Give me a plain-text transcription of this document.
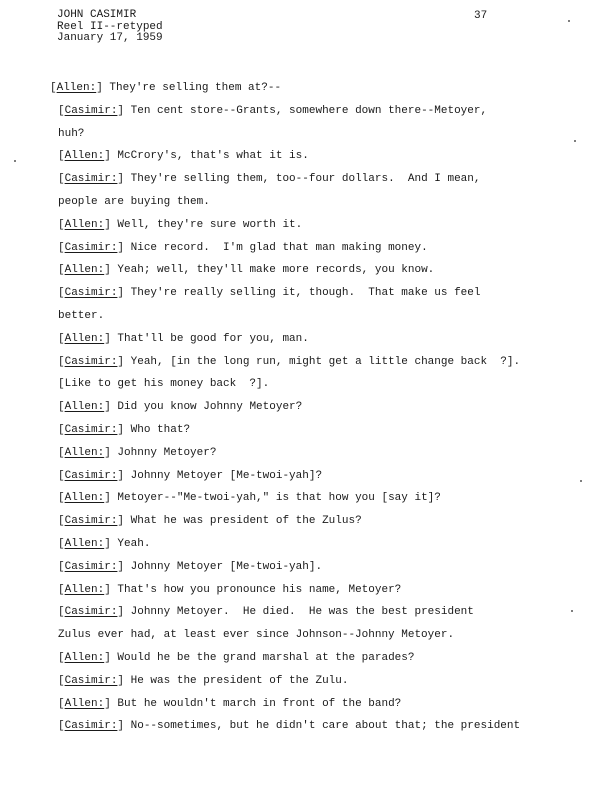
JOHN CASIMIR
Reel II--retyped
January 17, 1959
37
[Allen:] They're selling them at?--
[Casimir:] Ten cent store--Grants, somewhere down there--Metoyer,
huh?
[Allen:] McCrory's, that's what it is.
[Casimir:] They're selling them, too--four dollars.  And I mean,
people are buying them.
[Allen:] Well, they're sure worth it.
[Casimir:] Nice record.  I'm glad that man making money.
[Allen:] Yeah; well, they'll make more records, you know.
[Casimir:] They're really selling it, though.  That make us feel
better.
[Allen:] That'll be good for you, man.
[Casimir:] Yeah, [in the long run, might get a little change back  ?].
[Like to get his money back  ?].
[Allen:] Did you know Johnny Metoyer?
[Casimir:] Who that?
[Allen:] Johnny Metoyer?
[Casimir:] Johnny Metoyer [Me-twoi-yah]?
[Allen:] Metoyer--"Me-twoi-yah," is that how you [say it]?
[Casimir:] What he was president of the Zulus?
[Allen:] Yeah.
[Casimir:] Johnny Metoyer [Me-twoi-yah].
[Allen:] That's how you pronounce his name, Metoyer?
[Casimir:] Johnny Metoyer.  He died.  He was the best president
Zulus ever had, at least ever since Johnson--Johnny Metoyer.
[Allen:] Would he be the grand marshal at the parades?
[Casimir:] He was the president of the Zulu.
[Allen:] But he wouldn't march in front of the band?
[Casimir:] No--sometimes, but he didn't care about that; the president
